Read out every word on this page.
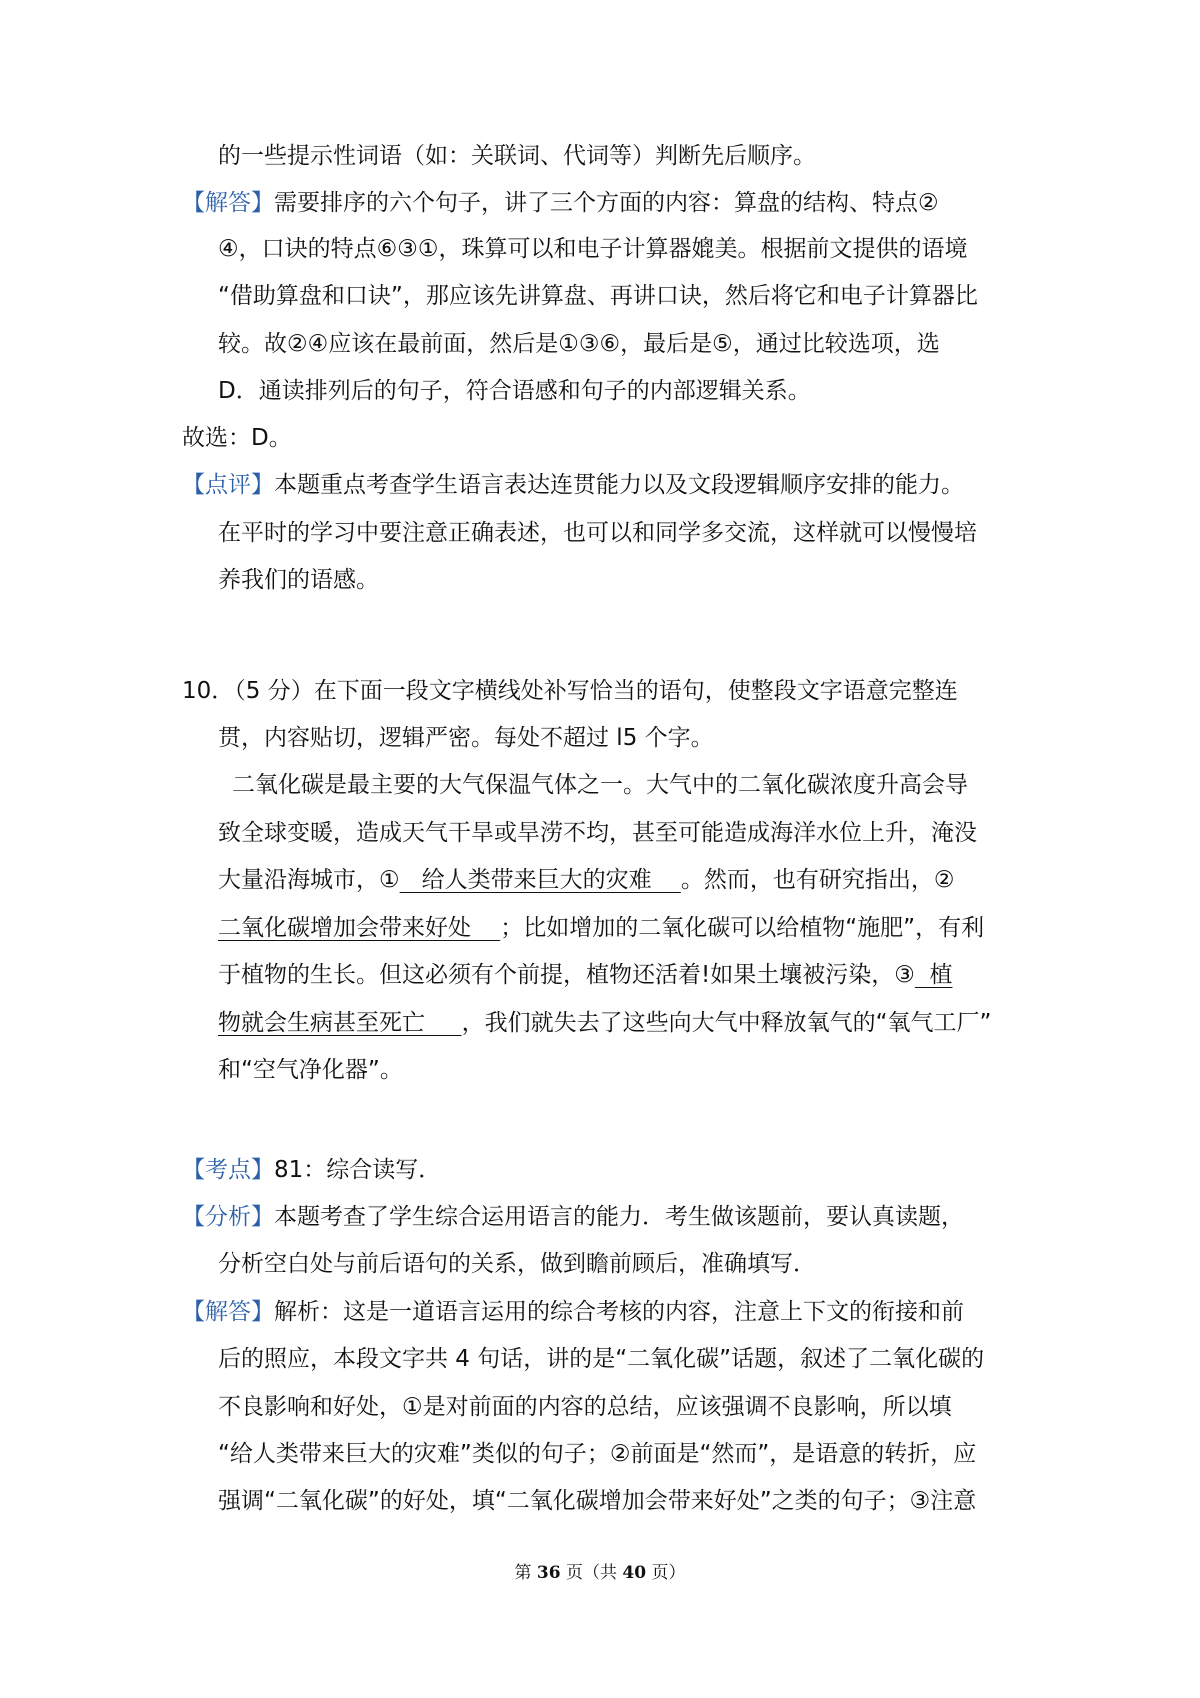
的一些提示性词语（如：关联词、代词等）判断先后顺序。
【解答】需要排序的六个句子，讲了三个方面的内容：算盘的结构、特点②
④，口诀的特点⑥③①，珠算可以和电子计算器媲美。根据前文提供的语境
“借助算盘和口诀”，那应该先讲算盘、再讲口诀，然后将它和电子计算器比
较。故②④应该在最前面，然后是①③⑥，最后是⑤，通过比较选项，选
D．通读排列后的句子，符合语感和句子的内部逻辑关系。
故选：D。
【点评】本题重点考查学生语言表达连贯能力以及文段逻辑顺序安排的能力。
在平时的学习中要注意正确表述，也可以和同学多交流，这样就可以慢慢培
养我们的语感。
10．（5 分）在下面一段文字横线处补写恰当的语句，使整段文字语意完整连
贯，内容贴切，逻辑严密。每处不超过 l5 个字。
二氧化碳是最主要的大气保温气体之一。大气中的二氧化碳浓度升高会导
致全球变暖，造成天气干旱或旱涝不均，甚至可能造成海洋水位上升，淹没
大量沿海城市，① 给人类带来巨大的灾难 。然而，也有研究指出，②
二氧化碳增加会带来好处 ；比如增加的二氧化碳可以给植物“施肥”，有利
于植物的生长。但这必须有个前提，植物还活着!如果土壤被污染，③ 植
物就会生病甚至死亡 ，我们就失去了这些向大气中释放氧气的“氧气工厂”
和“空气净化器”。
【考点】81：综合读写．
【分析】本题考查了学生综合运用语言的能力．考生做该题前，要认真读题，
分析空白处与前后语句的关系，做到瞻前顾后，准确填写．
【解答】解析：这是一道语言运用的综合考核的内容，注意上下文的衔接和前
后的照应，本段文字共 4 句话，讲的是“二氧化碳”话题，叙述了二氧化碳的
不良影响和好处，①是对前面的内容的总结，应该强调不良影响，所以填
“给人类带来巨大的灾难”类似的句子；②前面是“然而”，是语意的转折，应
强调“二氧化碳”的好处，填“二氧化碳增加会带来好处”之类的句子；③注意
第 36 页（共 40 页）
